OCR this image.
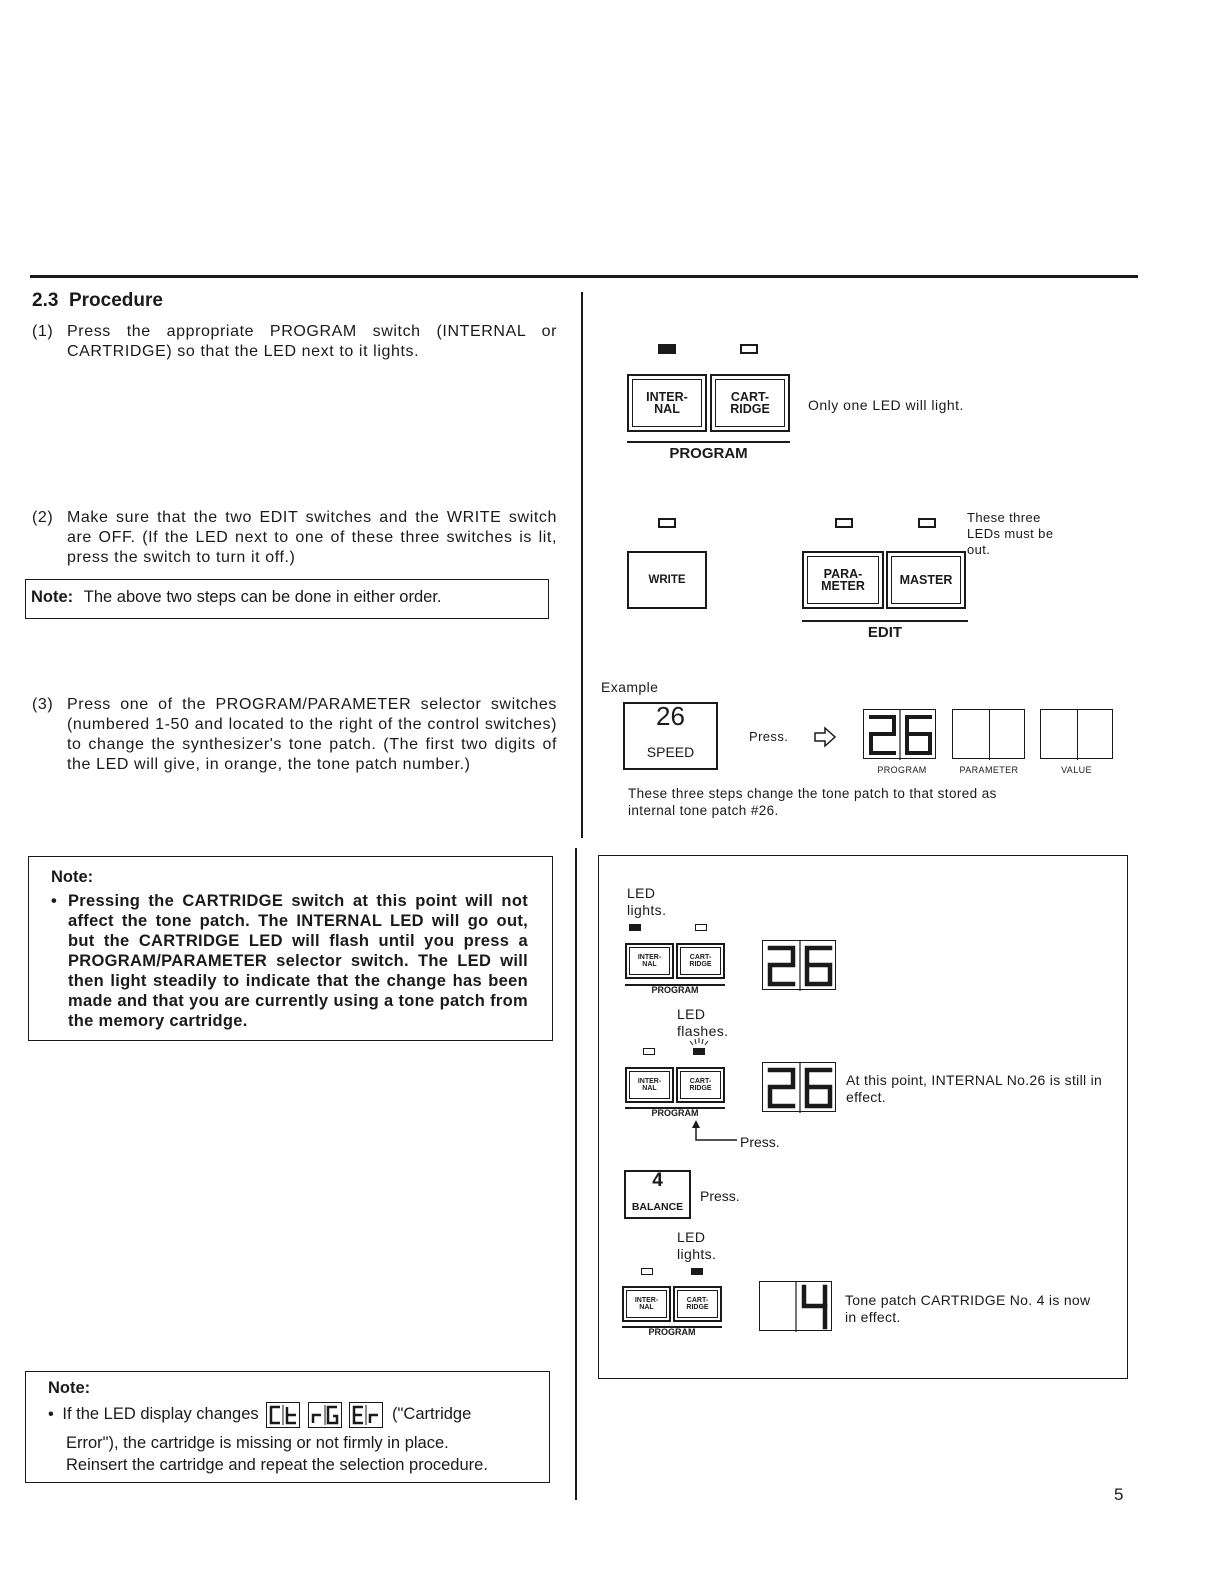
2.3 Procedure
(1) Press the appropriate PROGRAM switch (INTERNAL or CARTRIDGE) so that the LED next to it lights.
(2) Make sure that the two EDIT switches and the WRITE switch are OFF. (If the LED next to one of these three switches is lit, press the switch to turn it off.)
Note: The above two steps can be done in either order.
(3) Press one of the PROGRAM/PARAMETER selector switches (numbered 1-50 and located to the right of the control switches) to change the synthesizer's tone patch. (The first two digits of the LED will give, in orange, the tone patch number.)
Note:
• Pressing the CARTRIDGE switch at this point will not affect the tone patch. The INTERNAL LED will go out, but the CARTRIDGE LED will flash until you press a PROGRAM/PARAMETER selector switch. The LED will then light steadily to indicate that the change has been made and that you are currently using a tone patch from the memory cartridge.
Note:
• If the LED display changes	("Cartridge
Error"), the cartridge is missing or not firmly in place.
Reinsert the cartridge and repeat the selection procedure.
INTER-
NAL
CART-
RIDGE
PROGRAM
Only one LED will light.
These three LEDs must be out.
WRITE	PARA-
METER	MASTER
EDIT
Example
26
SPEED
Press.
PROGRAM	PARAMETER	VALUE
These three steps change the tone patch to that stored as internal tone patch #26.
LED lights.
INTER-
NAL
CART-
RIDGE
PROGRAM
LED flashes.
INTER-
NAL
CART-
RIDGE
PROGRAM
Press.
At this point, INTERNAL No.26 is still in effect.
4
BALANCE
Press.
LED lights.
INTER-
NAL
CART-
RIDGE
PROGRAM
Tone patch CARTRIDGE No. 4 is now in effect.
5
